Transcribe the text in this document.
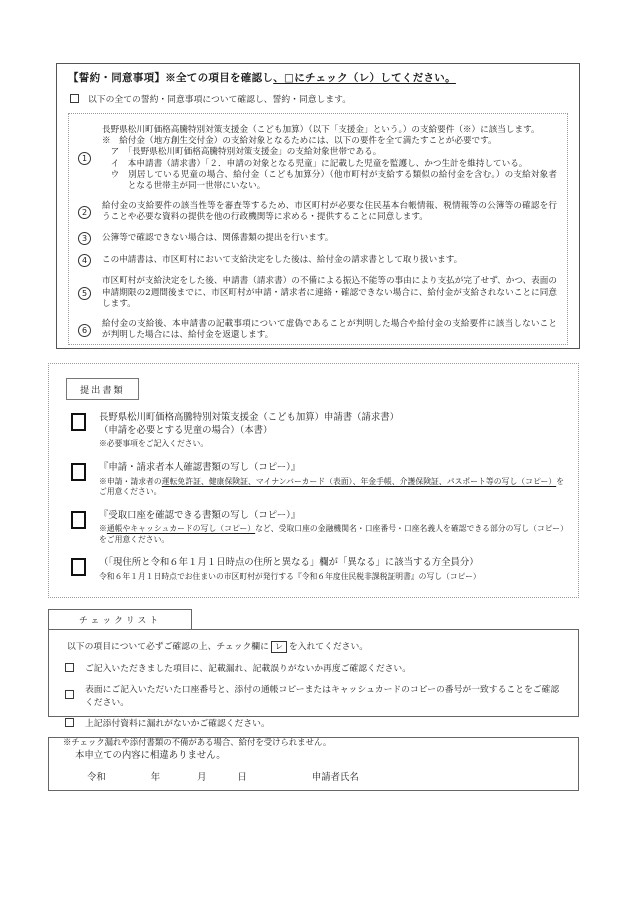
【誓約・同意事項】※全ての項目を確認し、□にチェック（レ）してください。
以下の全ての誓約・同意事項について確認し、誓約・同意します。
1
長野県松川町価格高騰特別対策支援金（こども加算）（以下「支援金」という。）の支給要件（※）に該当します。
※　給付金（地方創生交付金）の支給対象となるためには、以下の要件を全て満たすことが必要です。
ア　「長野県松川町価格高騰特別対策支援金」の支給対象世帯である。
イ　本申請書（請求書）「２．申請の対象となる児童」に記載した児童を監護し、かつ生計を維持している。
ウ　別居している児童の場合、給付金（こども加算分）（他市町村が支給する類似の給付金を含む。）の支給対象者となる世帯主が同一世帯にいない。
2
給付金の支給要件の該当性等を審査等するため、市区町村が必要な住民基本台帳情報、税情報等の公簿等の確認を行うことや必要な資料の提供を他の行政機関等に求める・提供することに同意します。
3	公簿等で確認できない場合は、関係書類の提出を行います。
4	この申請書は、市区町村において支給決定をした後は、給付金の請求書として取り扱います。
5
市区町村が支給決定をした後、申請書（請求書）の不備による振込不能等の事由により支払が完了せず、かつ、表面の申請期限の2週間後までに、市区町村が申請・請求者に連絡・確認できない場合に、給付金が支給されないことに同意します。
6
給付金の支給後、本申請書の記載事項について虚偽であることが判明した場合や給付金の支給要件に該当しないことが判明した場合には、給付金を返還します。
提出書類
長野県松川町価格高騰特別対策支援金（こども加算）申請書（請求書）
（申請を必要とする児童の場合）（本書）
※必要事項をご記入ください。
『申請・請求者本人確認書類の写し（コピー）』
※申請・請求者の運転免許証、健康保険証、マイナンバーカード（表面）、年金手帳、介護保険証、パスポート等の写し（コピー）をご用意ください。
『受取口座を確認できる書類の写し（コピー）』
※通帳やキャッシュカードの写し（コピー）など、受取口座の金融機関名・口座番号・口座名義人を確認できる部分の写し（コピー）をご用意ください。
（「現住所と令和６年１月１日時点の住所と異なる」欄が「異なる」に該当する方全員分）
令和６年１月１日時点でお住まいの市区町村が発行する『令和６年度住民税非課税証明書』の写し（コピー）
チェックリスト
以下の項目について必ずご確認の上、チェック欄に レ を入れてください。
ご記入いただきました項目に、記載漏れ、記載誤りがないか再度ご確認ください。
表面にご記入いただいた口座番号と、添付の通帳コピーまたはキャッシュカードのコピーの番号が一致することをご確認ください。
上記添付資料に漏れがないかご確認ください。
※チェック漏れや添付書類の不備がある場合、給付を受けられません。
本申立ての内容に相違ありません。
令和	年	月	日	申請者氏名
